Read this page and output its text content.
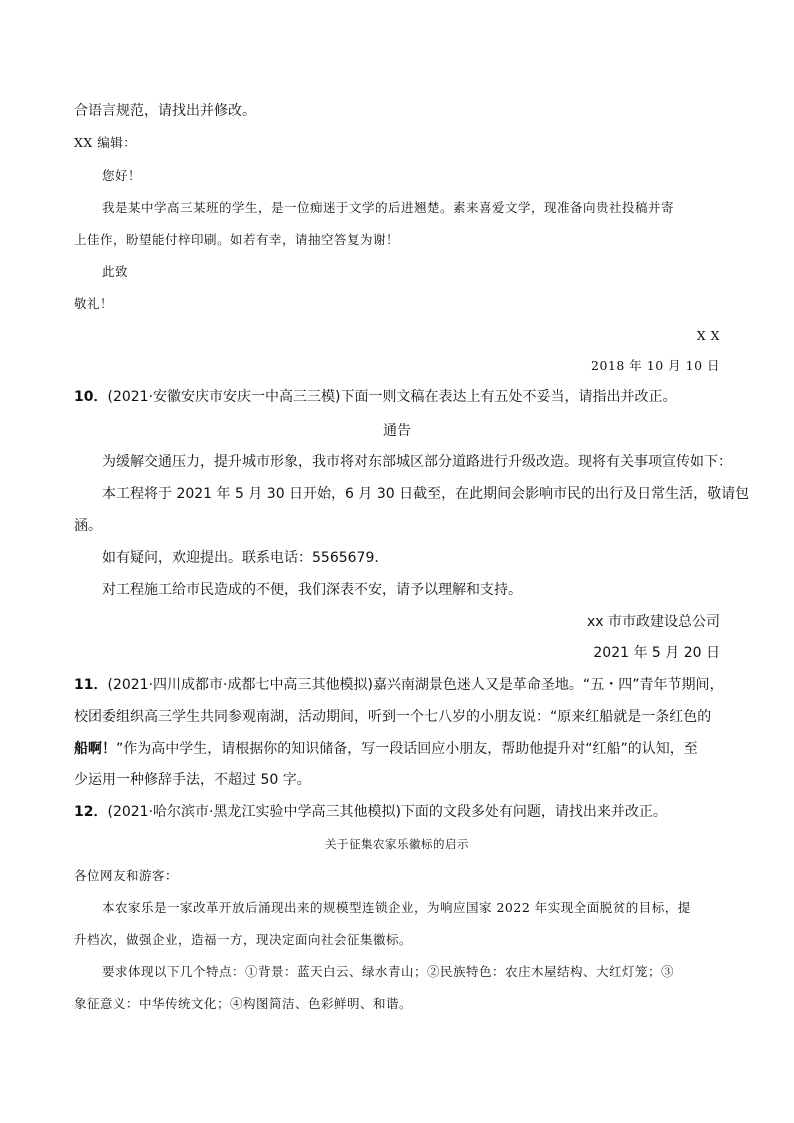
合语言规范，请找出并修改。
XX 编辑：
您好！
我是某中学高三某班的学生，是一位痴迷于文学的后进翘楚。素来喜爱文学，现准备向贵社投稿并寄
上佳作，盼望能付梓印刷。如若有幸，请抽空答复为谢！
此致
敬礼！
X X
2018 年 10 月 10 日
10．(2021·安徽安庆市安庆一中高三三模)下面一则文稿在表达上有五处不妥当，请指出并改正。
通告
为缓解交通压力，提升城市形象，我市将对东部城区部分道路进行升级改造。现将有关事项宣传如下：
本工程将于 2021 年 5 月 30 日开始，6 月 30 日截至，在此期间会影响市民的出行及日常生活，敬请包
涵。
如有疑问，欢迎提出。联系电话：5565679.
对工程施工给市民造成的不便，我们深表不安，请予以理解和支持。
xx 市市政建设总公司
2021 年 5 月 20 日
11．(2021·四川成都市·成都七中高三其他模拟)嘉兴南湖景色迷人又是革命圣地。“五・四”青年节期间，
校团委组织高三学生共同参观南湖，活动期间，听到一个七八岁的小朋友说：“原来红船就是一条红色的
船啊！”作为高中学生，请根据你的知识储备，写一段话回应小朋友，帮助他提升对“红船”的认知，至
少运用一种修辞手法，不超过 50 字。
12．(2021·哈尔滨市·黑龙江实验中学高三其他模拟)下面的文段多处有问题，请找出来并改正。
关于征集农家乐徽标的启示
各位网友和游客：
本农家乐是一家改革开放后涌现出来的规模型连锁企业，为响应国家 2022 年实现全面脱贫的目标，提
升档次，做强企业，造福一方，现决定面向社会征集徽标。
要求体现以下几个特点：①背景：蓝天白云、绿水青山；②民族特色：农庄木屋结构、大红灯笼；③
象征意义：中华传统文化；④构图简洁、色彩鲜明、和谐。
